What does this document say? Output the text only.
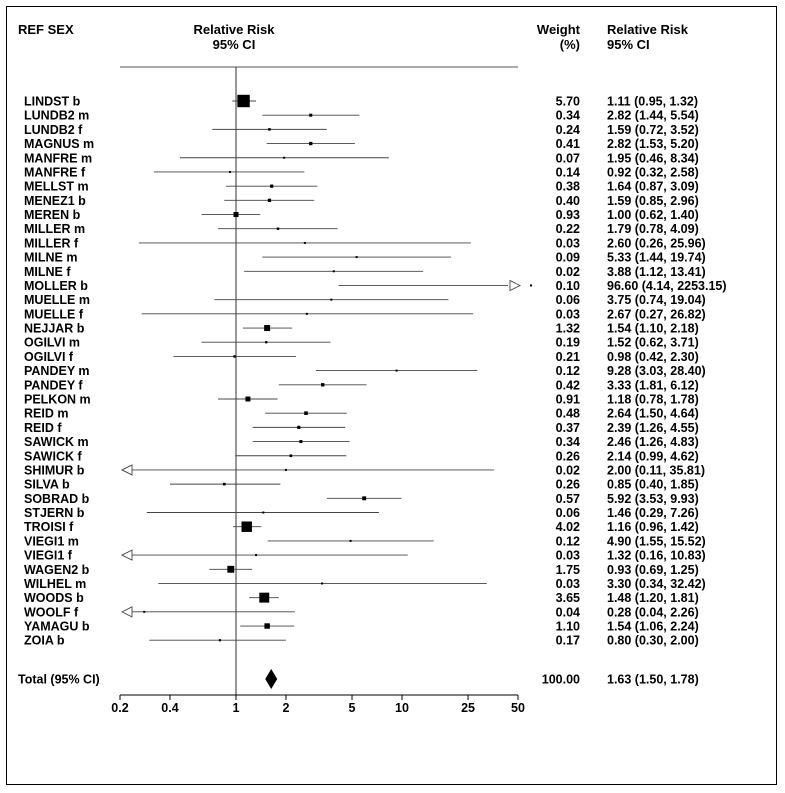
REF SEX	Relative Risk
95% CI
Weight
(%)
Relative Risk
95% CI
LINDST b	5.70 1.11 (0.95, 1.32)
LUNDB2 m	0.34 2.82 (1.44, 5.54)
LUNDB2 f	0.24 1.59 (0.72, 3.52)
MAGNUS m	0.41 2.82 (1.53, 5.20)
MANFRE m	0.07 1.95 (0.46, 8.34)
MANFRE f	0.14 0.92 (0.32, 2.58)
MELLST m	0.38 1.64 (0.87, 3.09)
MENEZ1 b	0.40 1.59 (0.85, 2.96)
MEREN b	0.93 1.00 (0.62, 1.40)
MILLER m	0.22 1.79 (0.78, 4.09)
MILLER f	0.03 2.60 (0.26, 25.96)
MILNE m	0.09 5.33 (1.44, 19.74)
MILNE f	0.02 3.88 (1.12, 13.41)
MOLLER b	0.10 96.60 (4.14, 2253.15)
MUELLE m	0.06 3.75 (0.74, 19.04)
MUELLE f	0.03 2.67 (0.27, 26.82)
NEJJAR b	1.32 1.54 (1.10, 2.18)
OGILVI m	0.19 1.52 (0.62, 3.71)
OGILVI f	0.21 0.98 (0.42, 2.30)
PANDEY m	0.12 9.28 (3.03, 28.40)
PANDEY f	0.42 3.33 (1.81, 6.12)
PELKON m	0.91 1.18 (0.78, 1.78)
REID m	0.48 2.64 (1.50, 4.64)
REID f	0.37 2.39 (1.26, 4.55)
SAWICK m	0.34 2.46 (1.26, 4.83)
SAWICK f	0.26 2.14 (0.99, 4.62)
SHIMUR b	0.02 2.00 (0.11, 35.81)
SILVA b	0.26 0.85 (0.40, 1.85)
SOBRAD b	0.57 5.92 (3.53, 9.93)
STJERN b	0.06 1.46 (0.29, 7.26)
TROISI f	4.02 1.16 (0.96, 1.42)
VIEGI1 m	0.12 4.90 (1.55, 15.52)
VIEGI1 f	0.03 1.32 (0.16, 10.83)
WAGEN2 b	1.75 0.93 (0.69, 1.25)
WILHEL m	0.03 3.30 (0.34, 32.42)
WOODS b	3.65 1.48 (1.20, 1.81)
WOOLF f	0.04 0.28 (0.04, 2.26)
YAMAGU b	1.10 1.54 (1.06, 2.24)
ZOIA b	0.17 0.80 (0.30, 2.00)
Total (95% CI)	100.00 1.63 (1.50, 1.78)
0.2	0.4	1	2	5	10	25	50
